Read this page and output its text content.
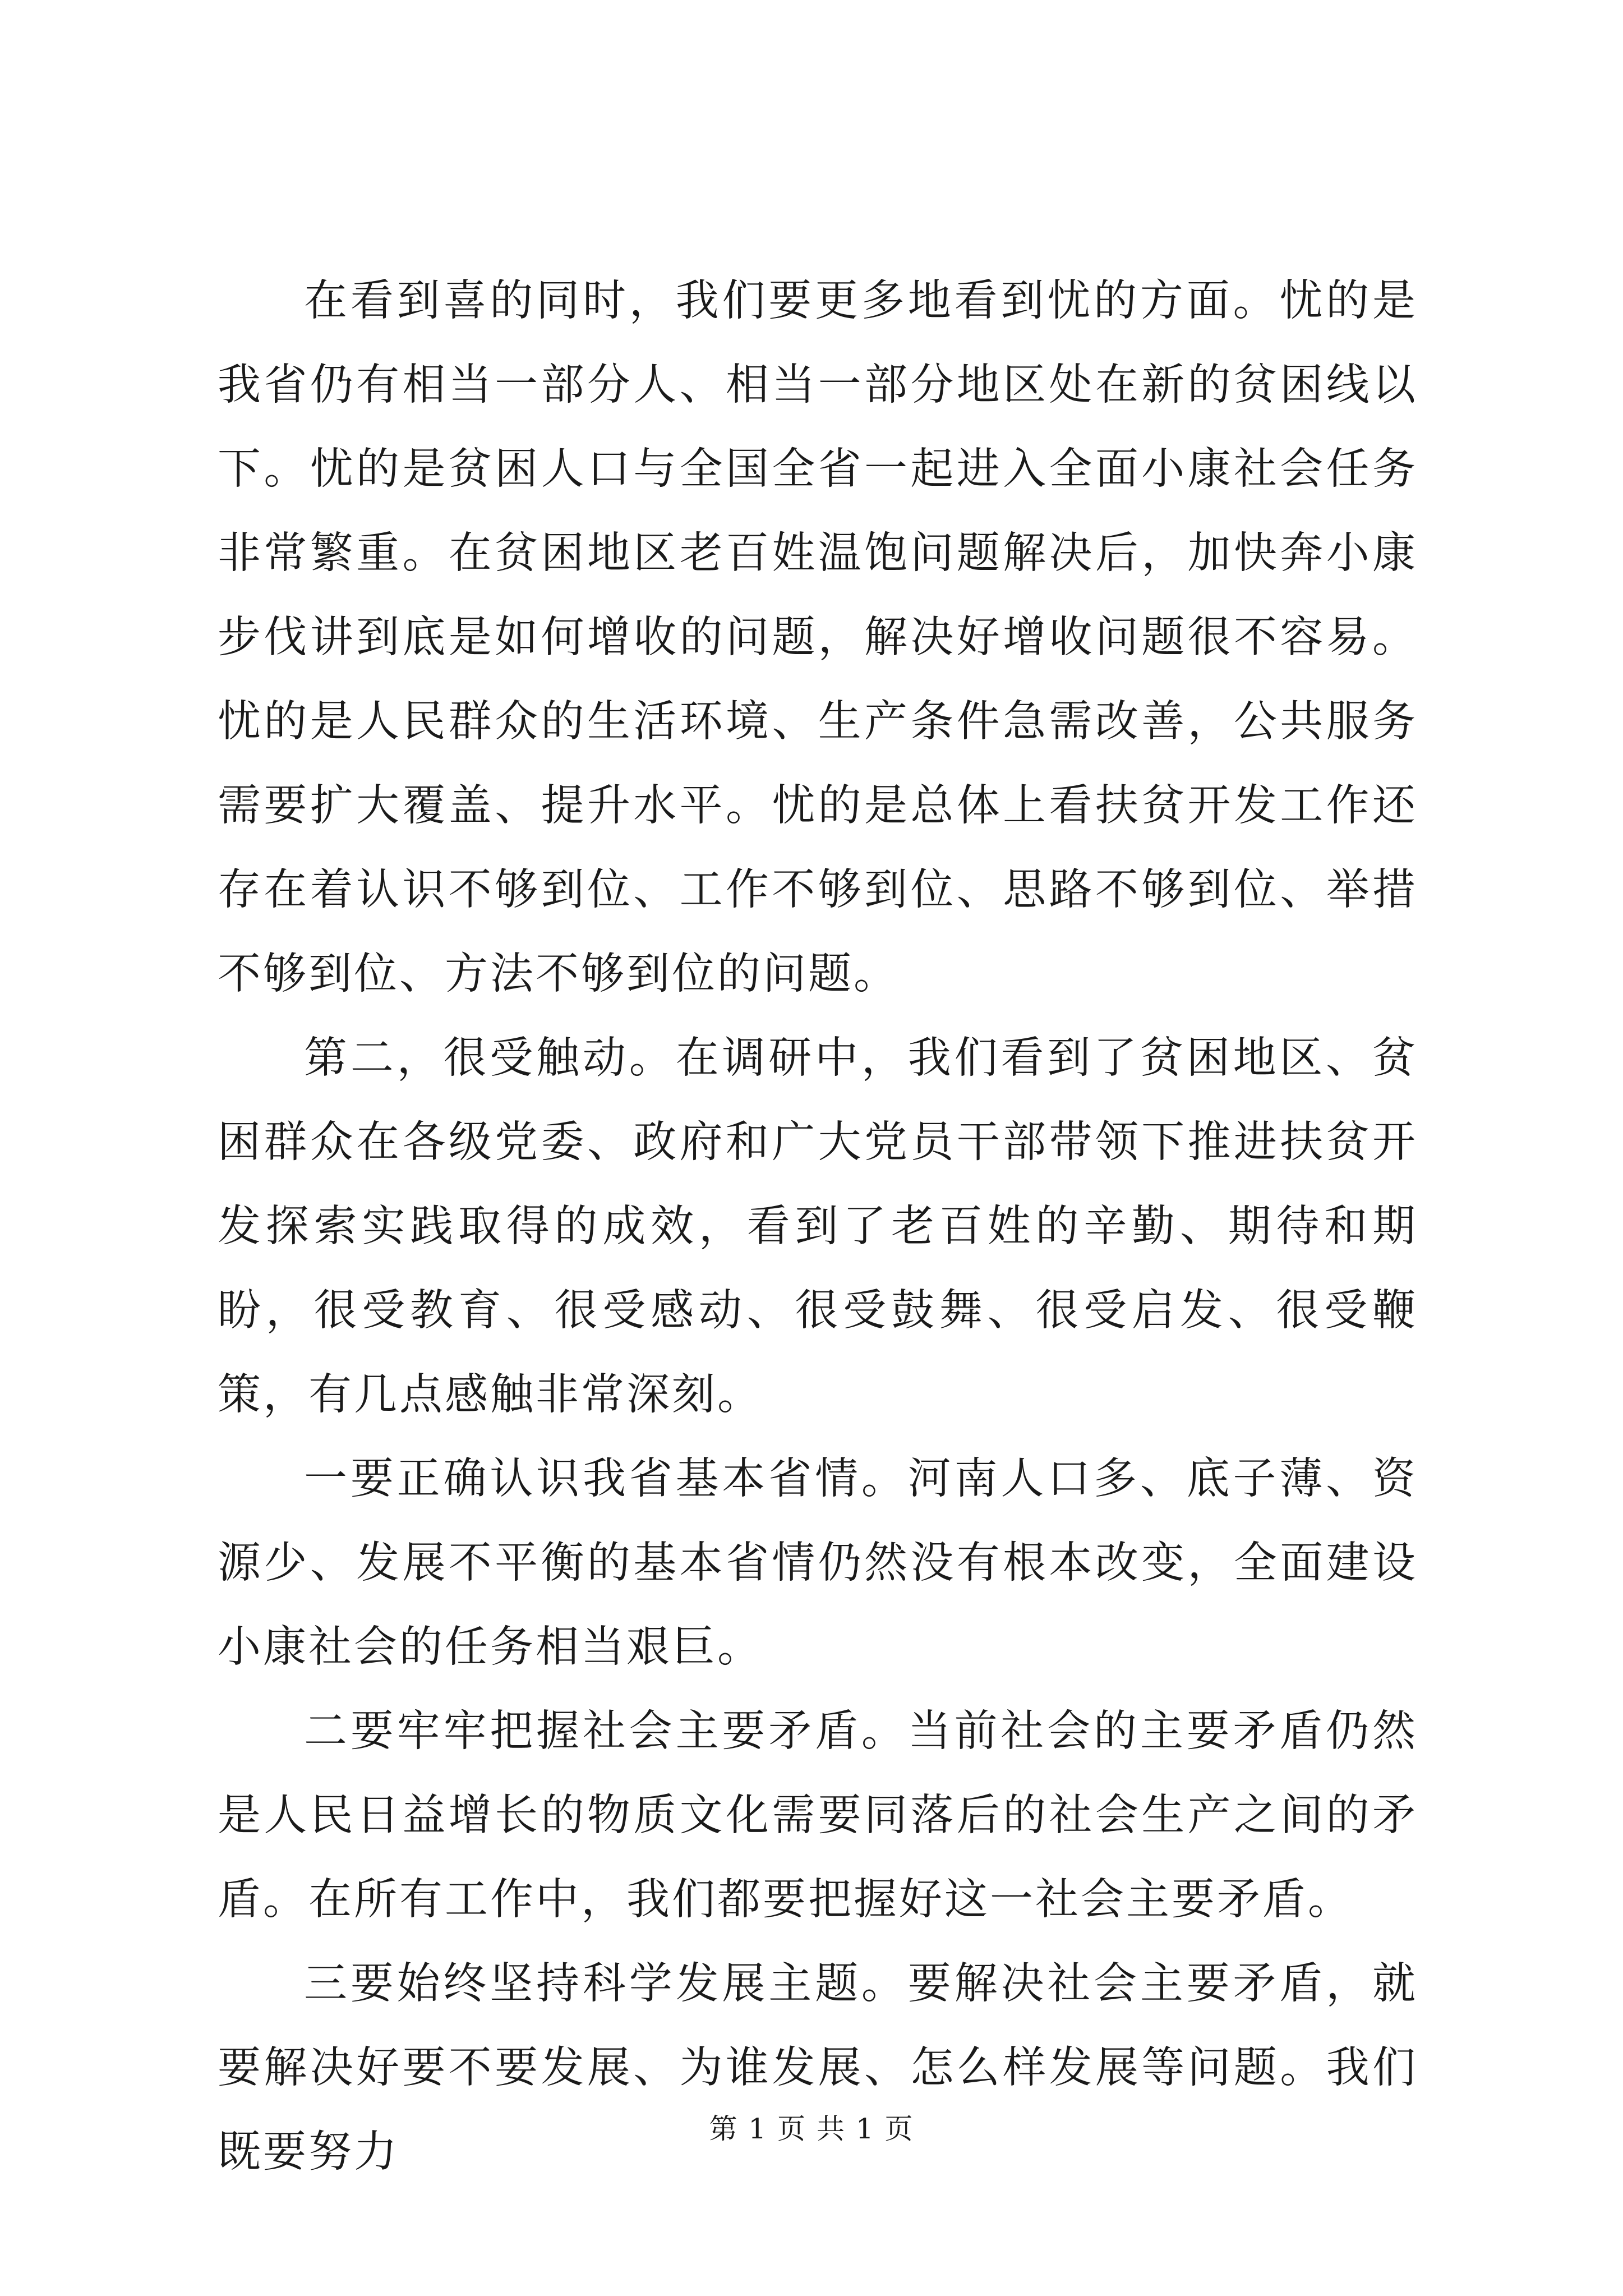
在看到喜的同时，我们要更多地看到忧的方面。忧的是我省仍有相当一部分人、相当一部分地区处在新的贫困线以下。忧的是贫困人口与全国全省一起进入全面小康社会任务非常繁重。在贫困地区老百姓温饱问题解决后，加快奔小康步伐讲到底是如何增收的问题，解决好增收问题很不容易。忧的是人民群众的生活环境、生产条件急需改善，公共服务需要扩大覆盖、提升水平。忧的是总体上看扶贫开发工作还存在着认识不够到位、工作不够到位、思路不够到位、举措不够到位、方法不够到位的问题。

第二，很受触动。在调研中，我们看到了贫困地区、贫困群众在各级党委、政府和广大党员干部带领下推进扶贫开发探索实践取得的成效，看到了老百姓的辛勤、期待和期盼，很受教育、很受感动、很受鼓舞、很受启发、很受鞭策，有几点感触非常深刻。

一要正确认识我省基本省情。河南人口多、底子薄、资源少、发展不平衡的基本省情仍然没有根本改变，全面建设小康社会的任务相当艰巨。

二要牢牢把握社会主要矛盾。当前社会的主要矛盾仍然是人民日益增长的物质文化需要同落后的社会生产之间的矛盾。在所有工作中，我们都要把握好这一社会主要矛盾。

三要始终坚持科学发展主题。要解决社会主要矛盾，就要解决好要不要发展、为谁发展、怎么样发展等问题。我们既要努力	第 1 页 共 1 页
